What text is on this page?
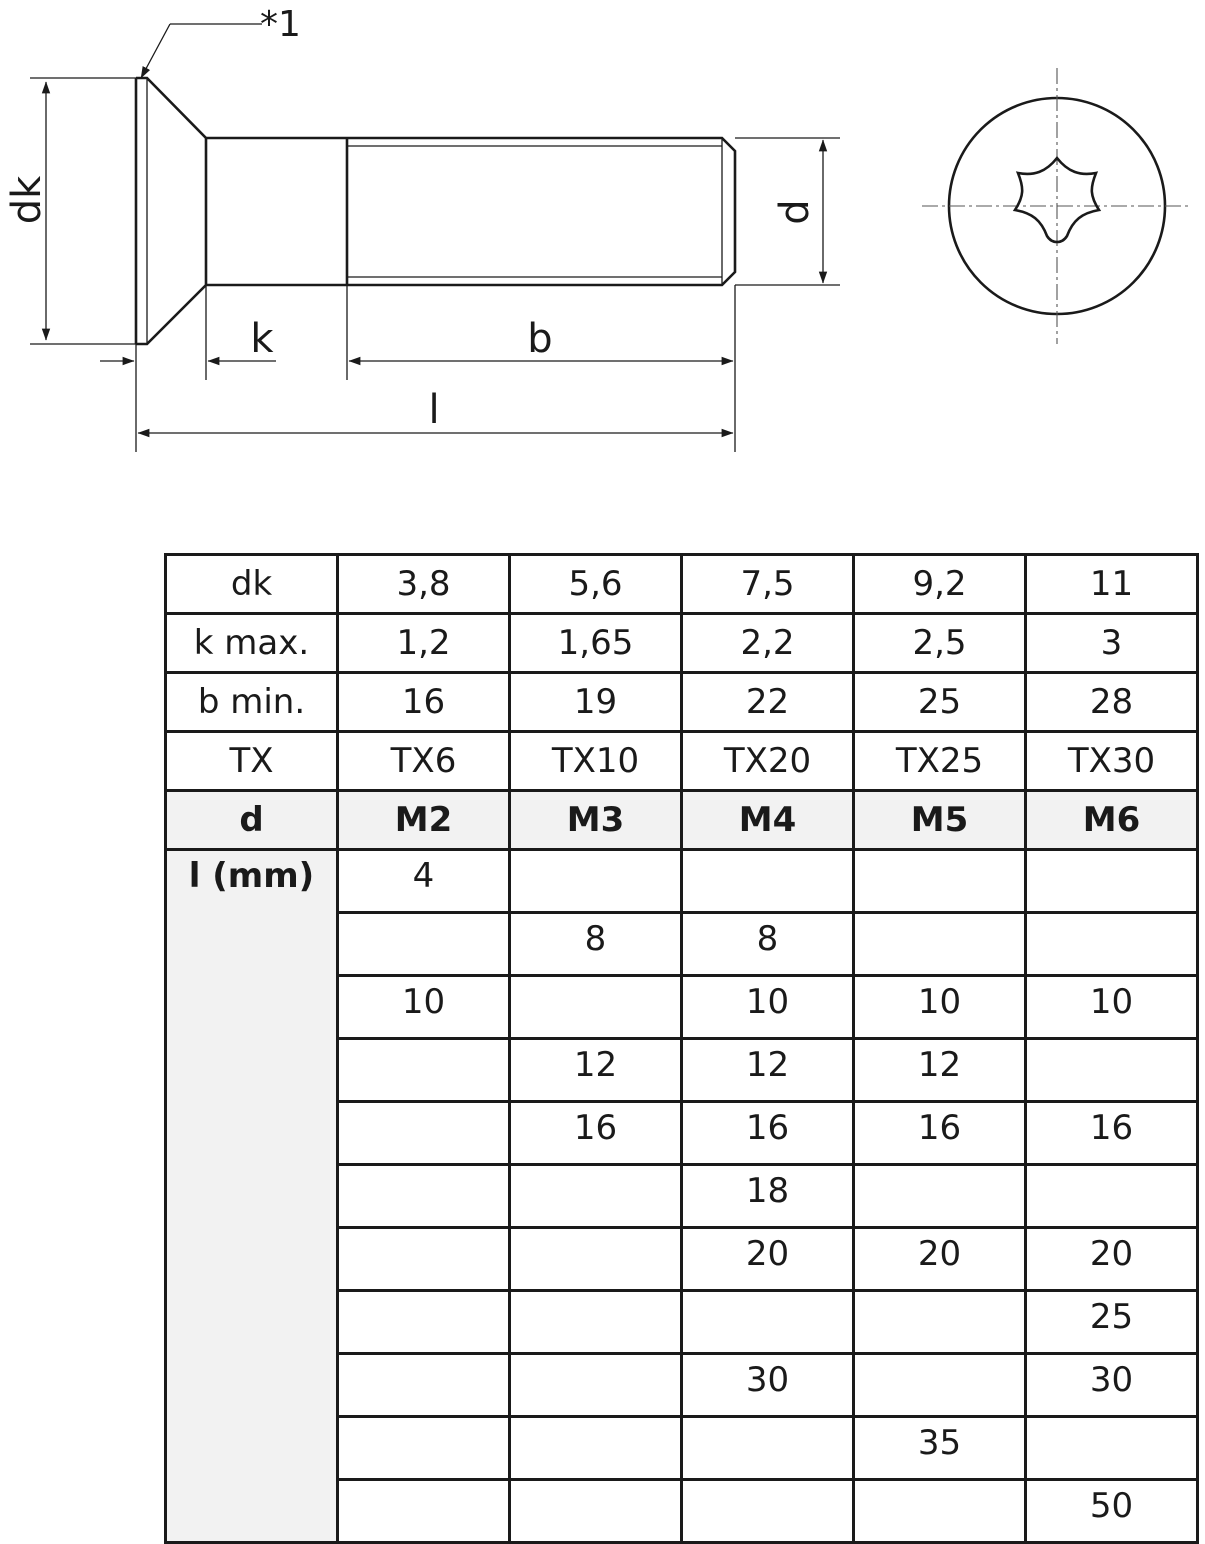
*1
dk
k	b
l
d
dk	3,8	5,6	7,5	9,2	11
k max.	1,2	1,65	2,2	2,5	3
b min.	16	19	22	25	28
TX	TX6	TX10	TX20	TX25	TX30
d	M2	M3	M4	M5	M6
l (mm)	4				
		8	8		
	10		10	10	10
		12	12	12	
		16	16	16	16
			18		
			20	20	20
					25
			30		30
				35	
					50
